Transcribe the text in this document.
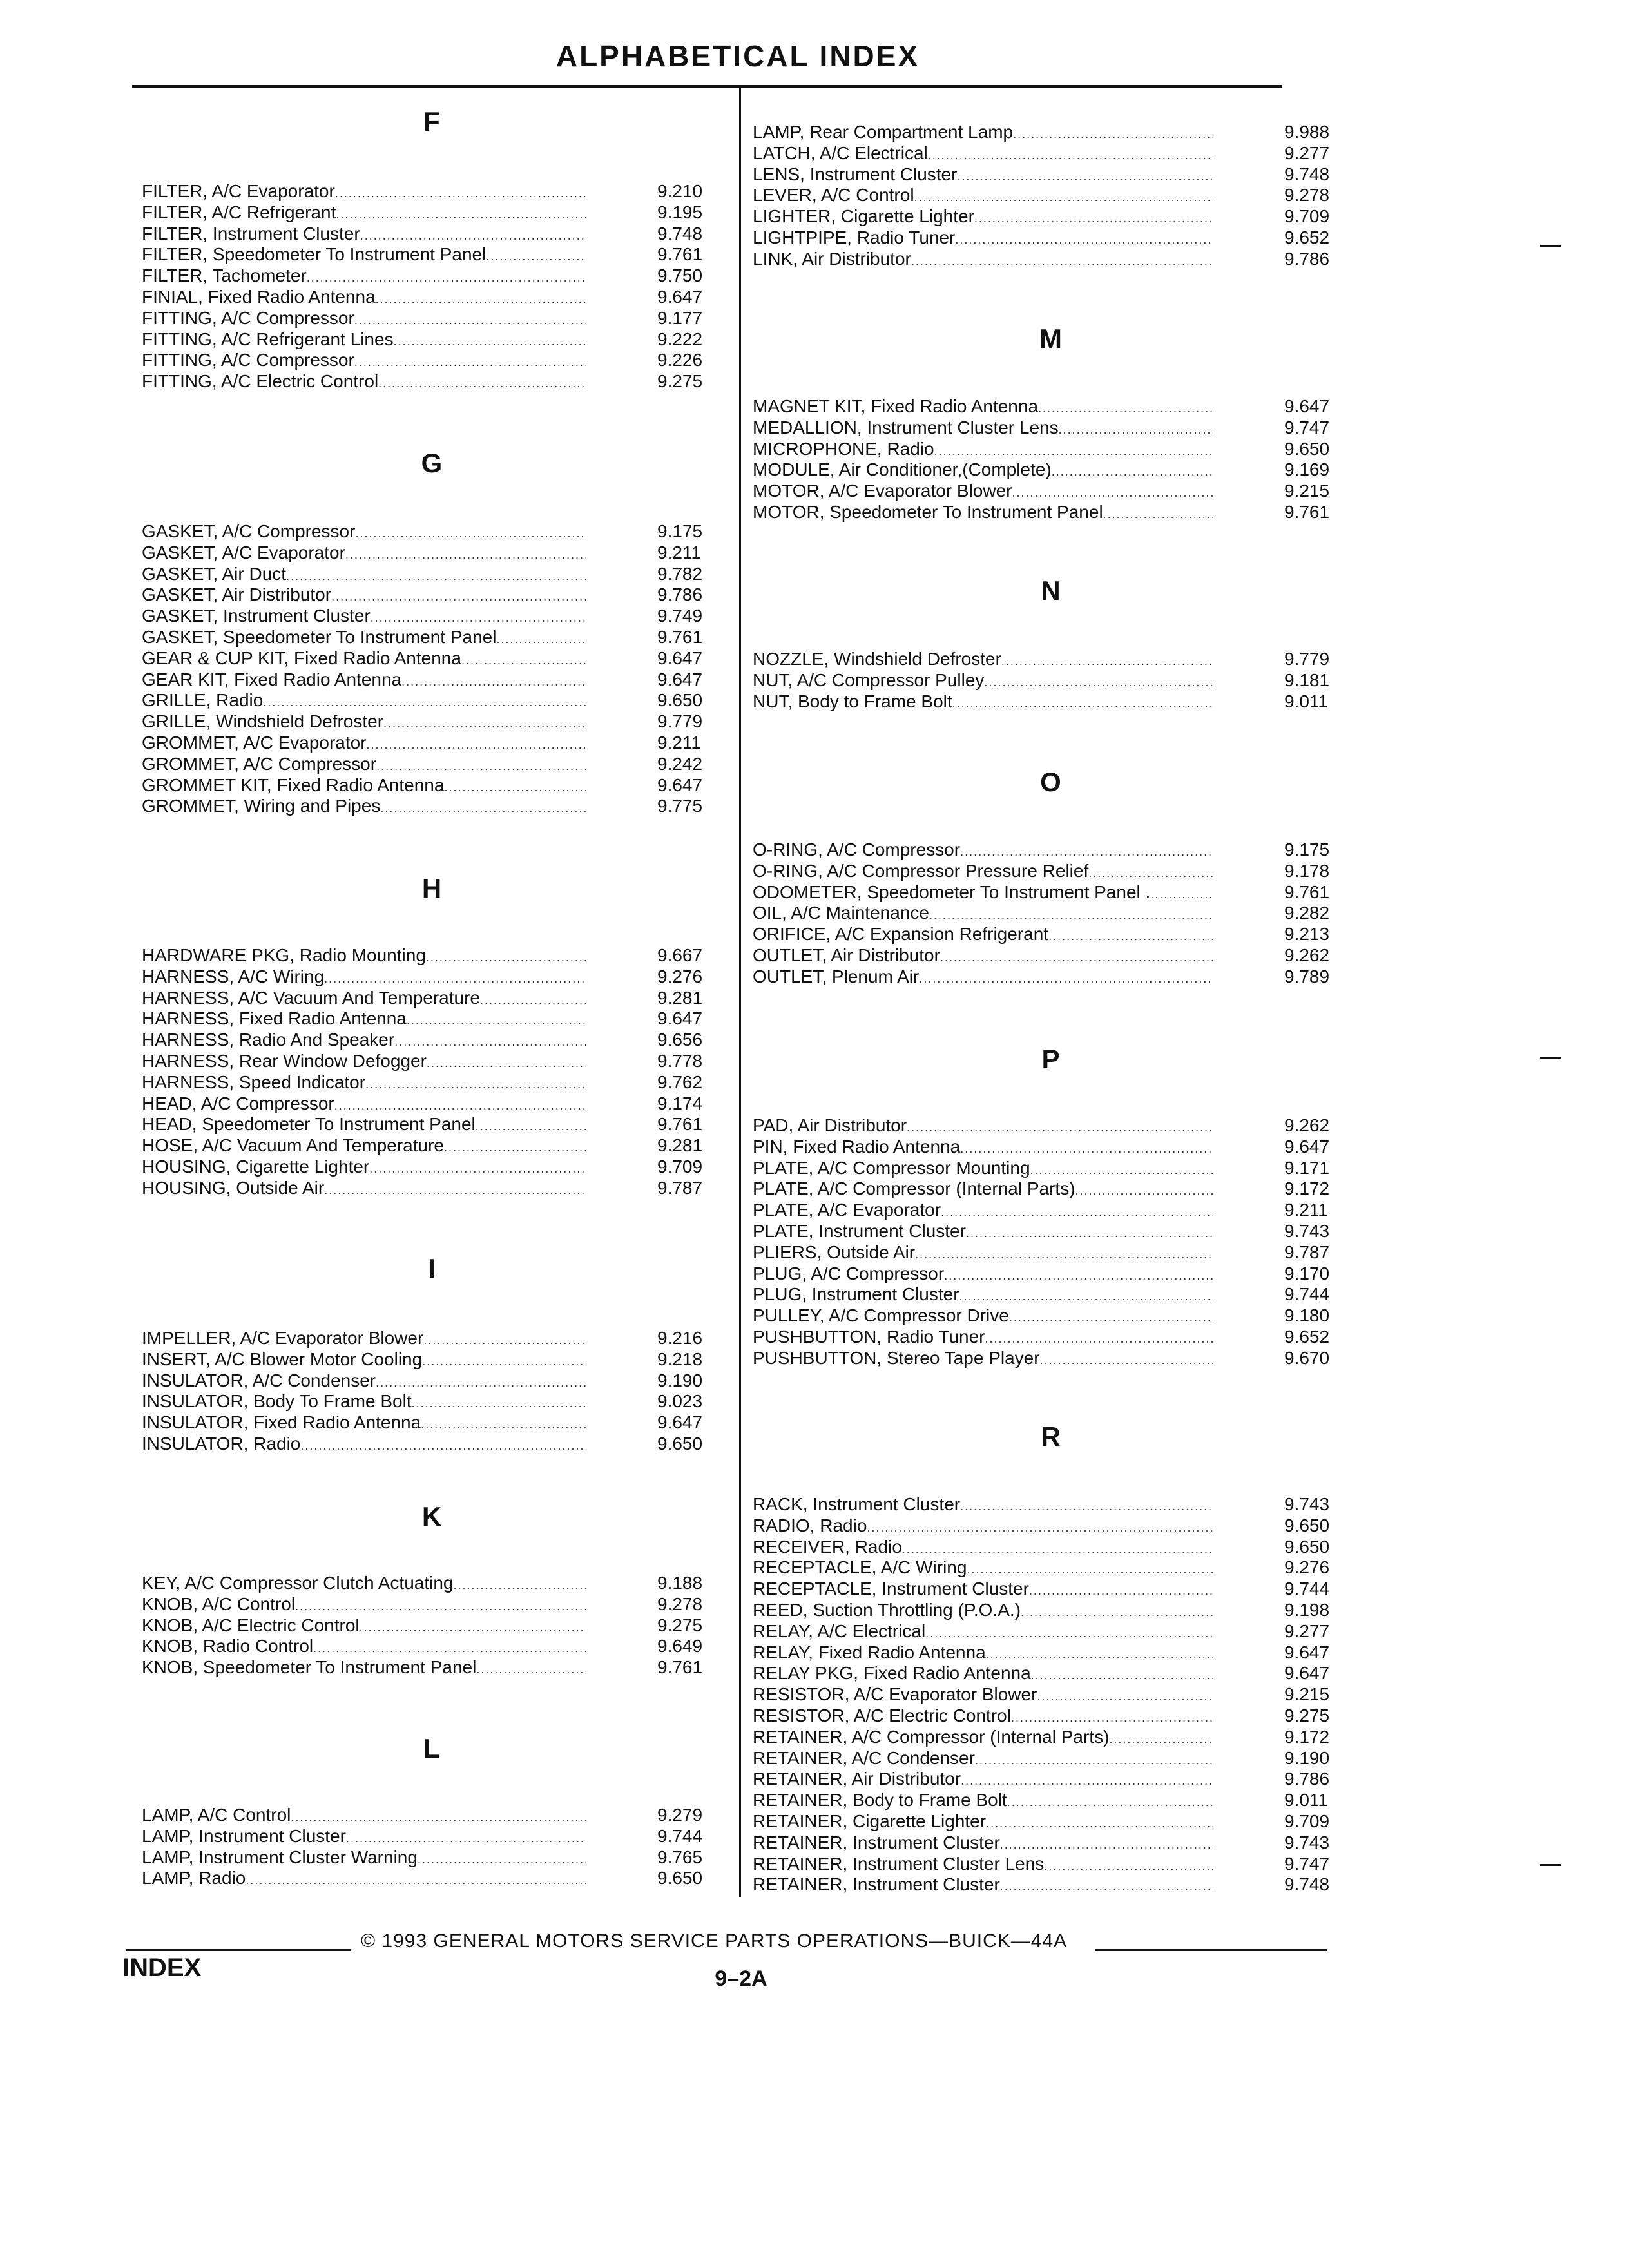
ALPHABETICAL INDEX
F
FILTER, A/C Evaporator .....	9.210
FILTER, A/C Refrigerant .....	9.195
FILTER, Instrument Cluster .....	9.748
FILTER, Speedometer To Instrument Panel .....	9.761
FILTER, Tachometer .....	9.750
FINIAL, Fixed Radio Antenna .....	9.647
FITTING, A/C Compressor .....	9.177
FITTING, A/C Refrigerant Lines .....	9.222
FITTING, A/C Compressor .....	9.226
FITTING, A/C Electric Control .....	9.275
G
GASKET, A/C Compressor .....	9.175
GASKET, A/C Evaporator .....	9.211
GASKET, Air Duct .....	9.782
GASKET, Air Distributor .....	9.786
GASKET, Instrument Cluster .....	9.749
GASKET, Speedometer To Instrument Panel .....	9.761
GEAR & CUP KIT, Fixed Radio Antenna .....	9.647
GEAR KIT, Fixed Radio Antenna .....	9.647
GRILLE, Radio .....	9.650
GRILLE, Windshield Defroster .....	9.779
GROMMET, A/C Evaporator .....	9.211
GROMMET, A/C Compressor .....	9.242
GROMMET KIT, Fixed Radio Antenna .....	9.647
GROMMET, Wiring and Pipes .....	9.775
H
HARDWARE PKG, Radio Mounting .....	9.667
HARNESS, A/C Wiring .....	9.276
HARNESS, A/C Vacuum And Temperature .....	9.281
HARNESS, Fixed Radio Antenna .....	9.647
HARNESS, Radio And Speaker .....	9.656
HARNESS, Rear Window Defogger .....	9.778
HARNESS, Speed Indicator .....	9.762
HEAD, A/C Compressor .....	9.174
HEAD, Speedometer To Instrument Panel .....	9.761
HOSE, A/C Vacuum And Temperature .....	9.281
HOUSING, Cigarette Lighter .....	9.709
HOUSING, Outside Air .....	9.787
I
IMPELLER, A/C Evaporator Blower .....	9.216
INSERT, A/C Blower Motor Cooling .....	9.218
INSULATOR, A/C Condenser .....	9.190
INSULATOR, Body To Frame Bolt .....	9.023
INSULATOR, Fixed Radio Antenna .....	9.647
INSULATOR, Radio .....	9.650
K
KEY, A/C Compressor Clutch Actuating .....	9.188
KNOB, A/C Control .....	9.278
KNOB, A/C Electric Control .....	9.275
KNOB, Radio Control .....	9.649
KNOB, Speedometer To Instrument Panel .....	9.761
L
LAMP, A/C Control .....	9.279
LAMP, Instrument Cluster .....	9.744
LAMP, Instrument Cluster Warning .....	9.765
LAMP, Radio .....	9.650
LAMP, Rear Compartment Lamp .....	9.988
LATCH, A/C Electrical .....	9.277
LENS, Instrument Cluster .....	9.748
LEVER, A/C Control .....	9.278
LIGHTER, Cigarette Lighter .....	9.709
LIGHTPIPE, Radio Tuner .....	9.652
LINK, Air Distributor .....	9.786
M
MAGNET KIT, Fixed Radio Antenna .....	9.647
MEDALLION, Instrument Cluster Lens .....	9.747
MICROPHONE, Radio .....	9.650
MODULE, Air Conditioner,(Complete) .....	9.169
MOTOR, A/C Evaporator Blower .....	9.215
MOTOR, Speedometer To Instrument Panel .....	9.761
N
NOZZLE, Windshield Defroster .....	9.779
NUT, A/C Compressor Pulley .....	9.181
NUT, Body to Frame Bolt .....	9.011
O
O-RING, A/C Compressor .....	9.175
O-RING, A/C Compressor Pressure Relief .....	9.178
ODOMETER, Speedometer To Instrument Panel . .....	9.761
OIL, A/C Maintenance .....	9.282
ORIFICE, A/C Expansion Refrigerant .....	9.213
OUTLET, Air Distributor .....	9.262
OUTLET, Plenum Air .....	9.789
P
PAD, Air Distributor .....	9.262
PIN, Fixed Radio Antenna .....	9.647
PLATE, A/C Compressor Mounting .....	9.171
PLATE, A/C Compressor (Internal Parts) .....	9.172
PLATE, A/C Evaporator .....	9.211
PLATE, Instrument Cluster .....	9.743
PLIERS, Outside Air .....	9.787
PLUG, A/C Compressor .....	9.170
PLUG, Instrument Cluster .....	9.744
PULLEY, A/C Compressor Drive .....	9.180
PUSHBUTTON, Radio Tuner .....	9.652
PUSHBUTTON, Stereo Tape Player .....	9.670
R
RACK, Instrument Cluster .....	9.743
RADIO, Radio .....	9.650
RECEIVER, Radio .....	9.650
RECEPTACLE, A/C Wiring .....	9.276
RECEPTACLE, Instrument Cluster .....	9.744
REED, Suction Throttling (P.O.A.) .....	9.198
RELAY, A/C Electrical .....	9.277
RELAY, Fixed Radio Antenna .....	9.647
RELAY PKG, Fixed Radio Antenna .....	9.647
RESISTOR, A/C Evaporator Blower .....	9.215
RESISTOR, A/C Electric Control .....	9.275
RETAINER, A/C Compressor (Internal Parts) .....	9.172
RETAINER, A/C Condenser .....	9.190
RETAINER, Air Distributor .....	9.786
RETAINER, Body to Frame Bolt .....	9.011
RETAINER, Cigarette Lighter .....	9.709
RETAINER, Instrument Cluster .....	9.743
RETAINER, Instrument Cluster Lens .....	9.747
RETAINER, Instrument Cluster .....	9.748
© 1993 GENERAL MOTORS SERVICE PARTS OPERATIONS—BUICK—44A
INDEX	9–2A
